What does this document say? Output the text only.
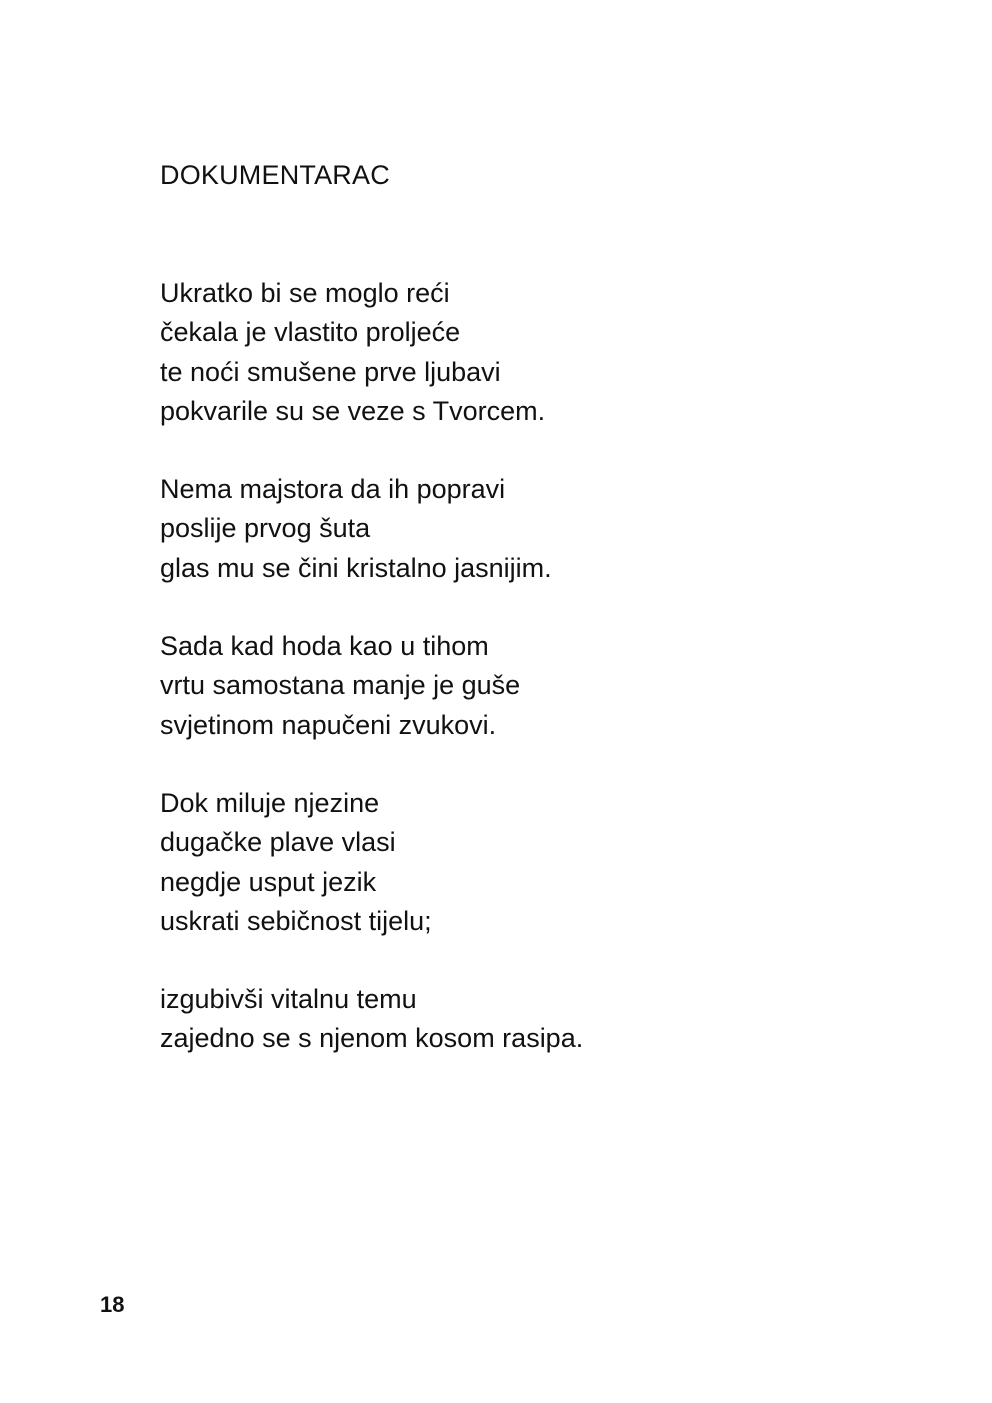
DOKUMENTARAC
Ukratko bi se moglo reći
čekala je vlastito proljeće
te noći smušene prve ljubavi
pokvarile su se veze s Tvorcem.
Nema majstora da ih popravi
poslije prvog šuta
glas mu se čini kristalno jasnijim.
Sada kad hoda kao u tihom
vrtu samostana manje je guše
svjetinom napučeni zvukovi.
Dok miluje njezine
dugačke plave vlasi
negdje usput jezik
uskrati sebičnost tijelu;
izgubivši vitalnu temu
zajedno se s njenom kosom rasipa.
18
